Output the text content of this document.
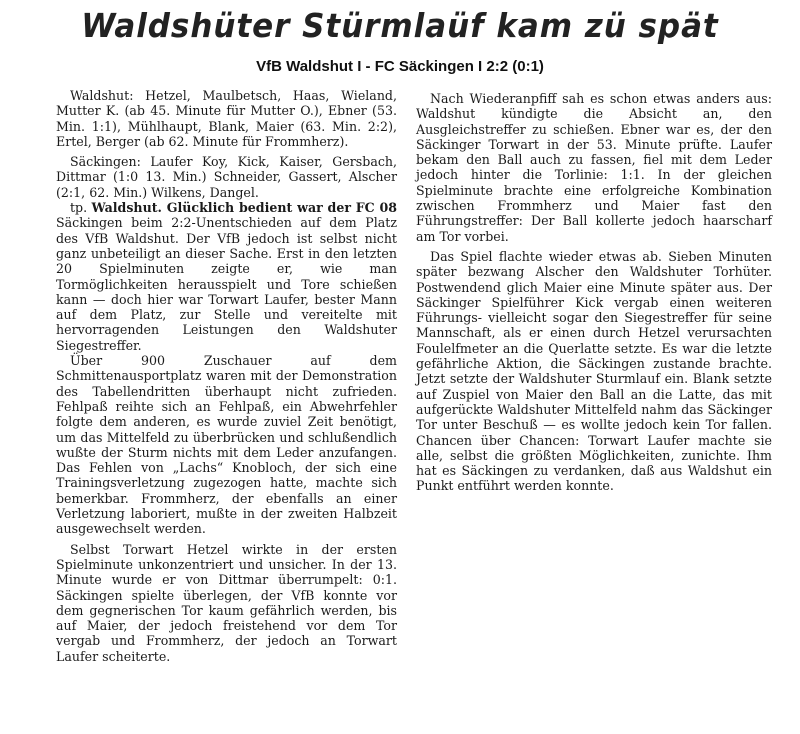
Waldshüter Stürmlaüf kam zü spät
VfB Waldshut I - FC Säckingen I 2:2 (0:1)

Waldshut: Hetzel, Maulbetsch, Haas, Wieland, Mutter K. (ab 45. Minute für Mutter O.), Ebner (53. Min. 1:1), Mühlhaupt, Blank, Maier (63. Min. 2:2), Ertel, Berger (ab 62. Minute für Frommherz).

Säckingen: Laufer Koy, Kick, Kaiser, Gersbach, Dittmar (1:0 13. Min.) Schneider, Gassert, Alscher (2:1, 62. Min.) Wilkens, Dangel.

tp. Waldshut. Glücklich bedient war der FC 08 Säckingen beim 2:2-Unentschieden auf dem Platz des VfB Waldshut. Der VfB jedoch ist selbst nicht ganz unbeteiligt an dieser Sache. Erst in den letzten 20 Spielminuten zeigte er, wie man Tormöglichkeiten herausspielt und Tore schießen kann — doch hier war Torwart Laufer, bester Mann auf dem Platz, zur Stelle und vereitelte mit hervorragenden Leistungen den Waldshuter Siegestreffer.

Über 900 Zuschauer auf dem Schmittenausportplatz waren mit der Demonstration des Tabellendritten überhaupt nicht zufrieden. Fehlpaß reihte sich an Fehlpaß, ein Abwehrfehler folgte dem anderen, es wurde zuviel Zeit benötigt, um das Mittelfeld zu überbrücken und schlußendlich wußte der Sturm nichts mit dem Leder anzufangen. Das Fehlen von „Lachs“ Knobloch, der sich eine Trainingsverletzung zugezogen hatte, machte sich bemerkbar. Frommherz, der ebenfalls an einer Verletzung laboriert, mußte in der zweiten Halbzeit ausgewechselt werden.

Selbst Torwart Hetzel wirkte in der ersten Spielminute unkonzentriert und unsicher. In der 13. Minute wurde er von Dittmar überrumpelt: 0:1. Säckingen spielte überlegen, der VfB konnte vor dem gegnerischen Tor kaum gefährlich werden, bis auf Maier, der jedoch freistehend vor dem Tor vergab und Frommherz, der jedoch an Torwart Laufer scheiterte.

Nach Wiederanpfiff sah es schon etwas anders aus: Waldshut kündigte die Absicht an, den Ausgleichstreffer zu schießen. Ebner war es, der den Säckinger Torwart in der 53. Minute prüfte. Laufer bekam den Ball auch zu fassen, fiel mit dem Leder jedoch hinter die Torlinie: 1:1. In der gleichen Spielminute brachte eine erfolgreiche Kombination zwischen Frommherz und Maier fast den Führungstreffer: Der Ball kollerte jedoch haarscharf am Tor vorbei.

Das Spiel flachte wieder etwas ab. Sieben Minuten später bezwang Alscher den Waldshuter Torhüter. Postwendend glich Maier eine Minute später aus. Der Säckinger Spielführer Kick vergab einen weiteren Führungs- vielleicht sogar den Siegestreffer für seine Mannschaft, als er einen durch Hetzel verursachten Foulelfmeter an die Querlatte setzte. Es war die letzte gefährliche Aktion, die Säckingen zustande brachte. Jetzt setzte der Waldshuter Sturmlauf ein. Blank setzte auf Zuspiel von Maier den Ball an die Latte, das mit aufgerückte Waldshuter Mittelfeld nahm das Säckinger Tor unter Beschuß — es wollte jedoch kein Tor fallen. Chancen über Chancen: Torwart Laufer machte sie alle, selbst die größten Möglichkeiten, zunichte. Ihm hat es Säckingen zu verdanken, daß aus Waldshut ein Punkt entführt werden konnte.
